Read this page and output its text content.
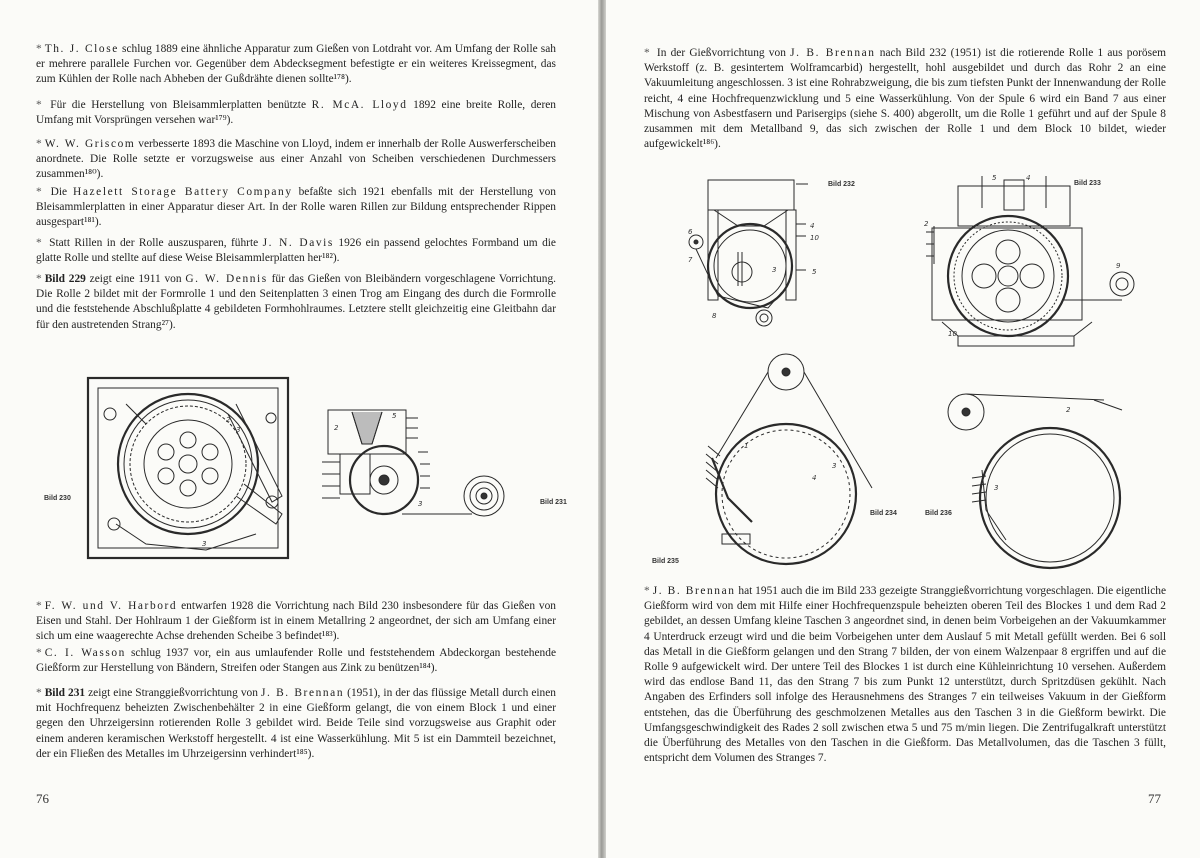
* Th. J. Close schlug 1889 eine ähnliche Apparatur zum Gießen von Lotdraht vor. Am Umfang der Rolle sah er mehrere parallele Furchen vor. Gegenüber dem Abdecksegment befestigte er ein weiteres Kreissegment, das zum Kühlen der Rolle nach Abheben der Gußdrähte dienen sollte¹⁷⁸).

* Für die Herstellung von Bleisammlerplatten benützte R. McA. Lloyd 1892 eine breite Rolle, deren Umfang mit Vorsprüngen versehen war¹⁷⁹).

* W. W. Griscom verbesserte 1893 die Maschine von Lloyd, indem er innerhalb der Rolle Auswerferscheiben anordnete. Die Rolle setzte er vorzugsweise aus einer Anzahl von Scheiben verschiedenen Durchmessers zusammen¹⁸⁰).

* Die Hazelett Storage Battery Company befaßte sich 1921 ebenfalls mit der Herstellung von Bleisammlerplatten in einer Apparatur dieser Art. In der Rolle waren Rillen zur Bildung entsprechender Rippen ausgespart¹⁸¹).

* Statt Rillen in der Rolle auszusparen, führte J. N. Davis 1926 ein passend gelochtes Formband um die glatte Rolle und stellte auf diese Weise Bleisammlerplatten her¹⁸²).

* Bild 229 zeigt eine 1911 von G. W. Dennis für das Gießen von Bleibändern vorgeschlagene Vorrichtung. Die Rolle 2 bildet mit der Formrolle 1 und den Seitenplatten 3 einen Trog am Eingang des durch die Formrolle und die feststehende Abschlußplatte 4 gebildeten Formhohlraumes. Letztere stellt gleichzeitig eine Gleitbahn dar für den austretenden Strang²⁷).

2
3
3
Bild 230
2
5
3	Bild 231

* F. W. und V. Harbord entwarfen 1928 die Vorrichtung nach Bild 230 insbesondere für das Gießen von Eisen und Stahl. Der Hohlraum 1 der Gießform ist in einem Metallring 2 angeordnet, der sich am Umfang einer sich um eine waagerechte Achse drehenden Scheibe 3 befindet¹⁸³).

* C. I. Wasson schlug 1937 vor, ein aus umlaufender Rolle und feststehendem Abdeckorgan bestehende Gießform zur Herstellung von Bändern, Streifen oder Stangen aus Zink zu benützen¹⁸⁴).

* Bild 231 zeigt eine Stranggießvorrichtung von J. B. Brennan (1951), in der das flüssige Metall durch einen mit Hochfrequenz beheizten Zwischenbehälter 2 in eine Gießform gelangt, die von einem Block 1 und einer gegen den Uhrzeigersinn rotierenden Rolle 3 gebildet wird. Beide Teile sind vorzugsweise aus Graphit oder einem anderen keramischen Werkstoff hergestellt. 4 ist eine Wasserkühlung. Mit 5 ist ein Dammteil bezeichnet, der ein Fließen des Metalles im Uhrzeigersinn verhindert¹⁸⁵).

76

* In der Gießvorrichtung von J. B. Brennan nach Bild 232 (1951) ist die rotierende Rolle 1 aus porösem Werkstoff (z. B. gesintertem Wolframcarbid) hergestellt, hohl ausgebildet und durch das Rohr 2 an eine Vakuumleitung angeschlossen. 3 ist eine Rohrabzweigung, die bis zum tiefsten Punkt der Innenwandung der Rolle reicht, 4 eine Hochfrequenzwicklung und 5 eine Wasserkühlung. Von der Spule 6 wird ein Band 7 aus einer Mischung von Asbestfasern und Parisergips (siehe S. 400) abgerollt, um die Rolle 1 geführt und auf der Spule 8 zusammen mit dem Metallband 9, das sich zwischen der Rolle 1 und dem Block 10 bildet, wieder aufgewickelt¹⁸⁶).

6
7
4
10
5
8
3
Bild 232
5	4
2
9
10
Bild 233
1
4
3
Bild 234
Bild 235
2
3
Bild 236

* J. B. Brennan hat 1951 auch die im Bild 233 gezeigte Stranggießvorrichtung vorgeschlagen. Die eigentliche Gießform wird von dem mit Hilfe einer Hochfrequenzspule beheizten oberen Teil des Blockes 1 und dem Rad 2 gebildet, an dessen Umfang kleine Taschen 3 angeordnet sind, in denen beim Vorbeigehen an der Vakuumkammer 4 Unterdruck erzeugt wird und die beim Vorbeigehen unter dem Auslauf 5 mit Metall gefüllt werden. Bei 6 soll das Metall in die Gießform gelangen und den Strang 7 bilden, der von einem Walzenpaar 8 ergriffen und auf die Rolle 9 aufgewickelt wird. Der untere Teil des Blockes 1 ist durch eine Kühleinrichtung 10 versehen. Außerdem wird das endlose Band 11, das den Strang 7 bis zum Punkt 12 unterstützt, durch Spritzdüsen gekühlt. Nach Angaben des Erfinders soll infolge des Herausnehmens des Stranges 7 ein teilweises Vakuum in der Gießform entstehen, das die Überführung des geschmolzenen Metalles aus den Taschen 3 in die Gießform bewirkt. Die Umfangsgeschwindigkeit des Rades 2 soll zwischen etwa 5 und 75 m/min liegen. Die Zentrifugalkraft unterstützt die Überführung des Metalles von den Taschen in die Gießform. Das Metallvolumen, das die Taschen 3 füllt, entspricht dem Volumen des Stranges 7.

77
